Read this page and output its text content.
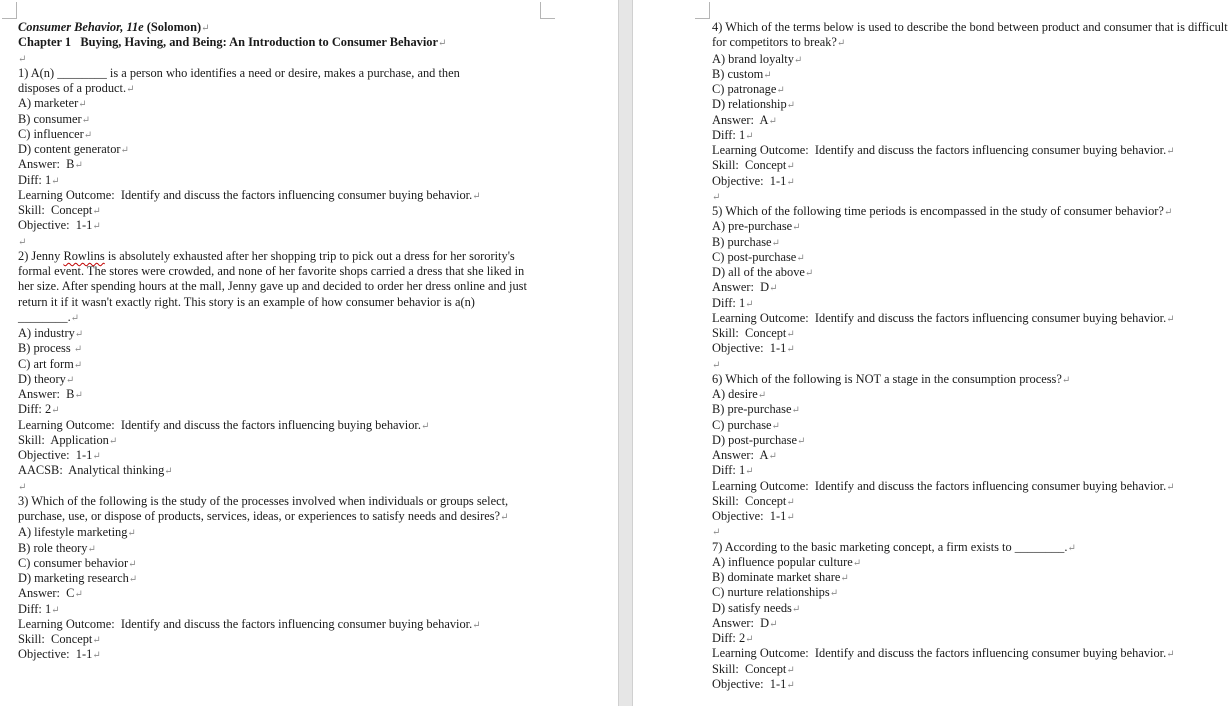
Consumer Behavior, 11e (Solomon)↵
Chapter 1   Buying, Having, and Being: An Introduction to Consumer Behavior↵
↵
1) A(n) ________ is a person who identifies a need or desire, makes a purchase, and then
disposes of a product.↵
A) marketer↵
B) consumer↵
C) influencer↵
D) content generator↵
Answer:  B↵
Diff: 1↵
Learning Outcome:  Identify and discuss the factors influencing consumer buying behavior.↵
Skill:  Concept↵
Objective:  1-1↵
↵
2) Jenny Rowlins is absolutely exhausted after her shopping trip to pick out a dress for her sorority's formal event. The stores were crowded, and none of her favorite shops carried a dress that she liked in her size. After spending hours at the mall, Jenny gave up and decided to order her dress online and just return it if it wasn't exactly right. This story is an example of how consumer behavior is a(n) ________.↵
A) industry↵
B) process ↵
C) art form↵
D) theory↵
Answer:  B↵
Diff: 2↵
Learning Outcome:  Identify and discuss the factors influencing buying behavior.↵
Skill:  Application↵
Objective:  1-1↵
AACSB:  Analytical thinking↵
↵
3) Which of the following is the study of the processes involved when individuals or groups select, purchase, use, or dispose of products, services, ideas, or experiences to satisfy needs and desires?↵
A) lifestyle marketing↵
B) role theory↵
C) consumer behavior↵
D) marketing research↵
Answer:  C↵
Diff: 1↵
Learning Outcome:  Identify and discuss the factors influencing consumer buying behavior.↵
Skill:  Concept↵
Objective:  1-1↵
4) Which of the terms below is used to describe the bond between product and consumer that is difficult for competitors to break?↵
A) brand loyalty↵
B) custom↵
C) patronage↵
D) relationship↵
Answer:  A↵
Diff: 1↵
Learning Outcome:  Identify and discuss the factors influencing consumer buying behavior.↵
Skill:  Concept↵
Objective:  1-1↵
↵
5) Which of the following time periods is encompassed in the study of consumer behavior?↵
A) pre-purchase↵
B) purchase↵
C) post-purchase↵
D) all of the above↵
Answer:  D↵
Diff: 1↵
Learning Outcome:  Identify and discuss the factors influencing consumer buying behavior.↵
Skill:  Concept↵
Objective:  1-1↵
↵
6) Which of the following is NOT a stage in the consumption process?↵
A) desire↵
B) pre-purchase↵
C) purchase↵
D) post-purchase↵
Answer:  A↵
Diff: 1↵
Learning Outcome:  Identify and discuss the factors influencing consumer buying behavior.↵
Skill:  Concept↵
Objective:  1-1↵
↵
7) According to the basic marketing concept, a firm exists to ________.↵
A) influence popular culture↵
B) dominate market share↵
C) nurture relationships↵
D) satisfy needs↵
Answer:  D↵
Diff: 2↵
Learning Outcome:  Identify and discuss the factors influencing consumer buying behavior.↵
Skill:  Concept↵
Objective:  1-1↵
